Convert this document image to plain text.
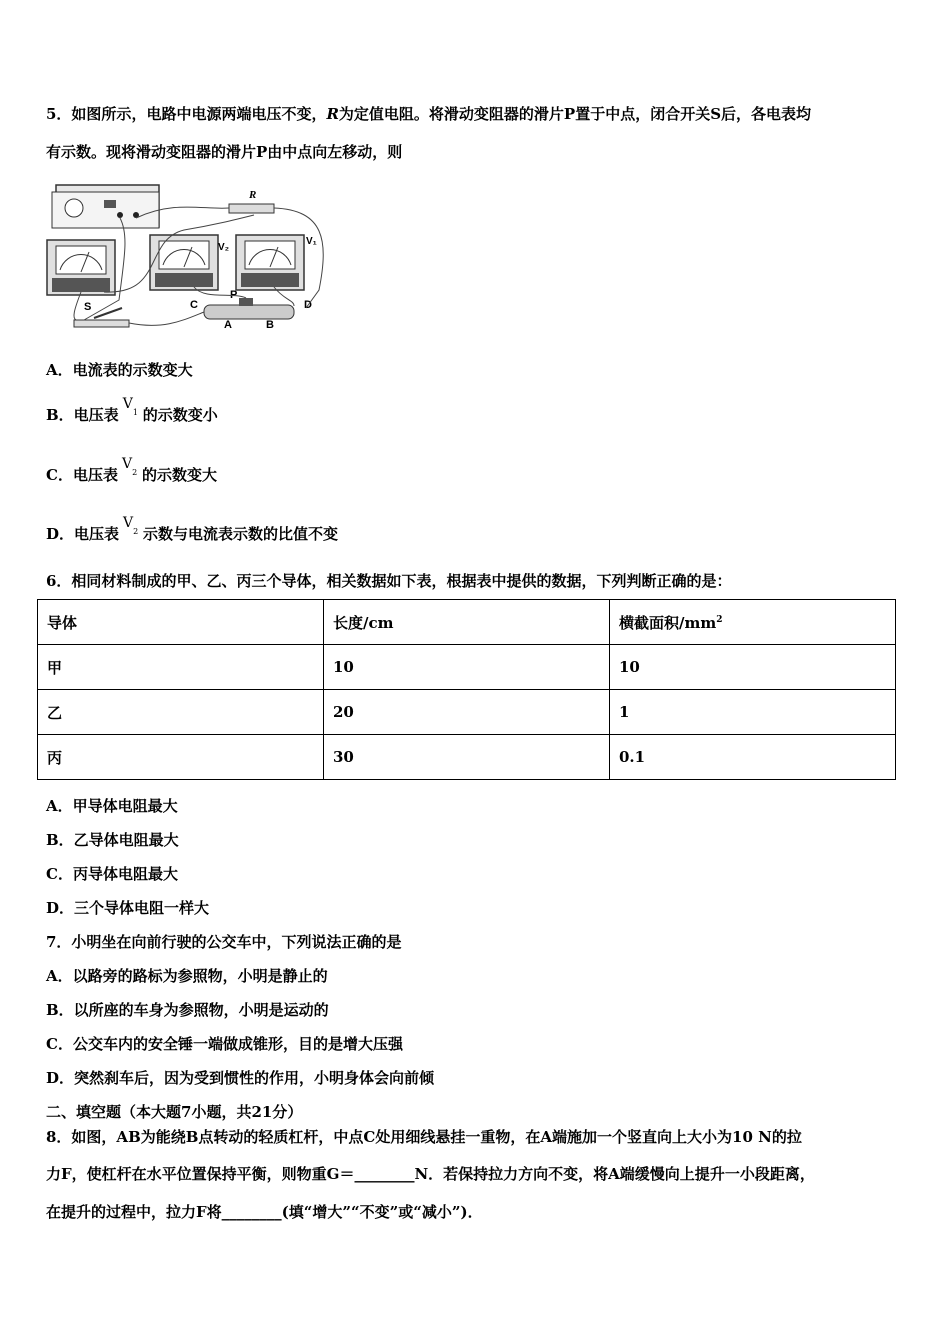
5．如图所示，电路中电源两端电压不变，R为定值电阻。将滑动变阻器的滑片P置于中点，闭合开关S后，各电表均
有示数。现将滑动变阻器的滑片P由中点向左移动，则
R
V₂
V₁
S	C
P
D
A	B
A．电流表的示数变大
B．电压表$V_1$ 的示数变小
C．电压表$V_2$ 的示数变大
D．电压表$V_2$ 示数与电流表示数的比值不变
6．相同材料制成的甲、乙、丙三个导体，相关数据如下表，根据表中提供的数据，下列判断正确的是：
导体	长度/cm	横截面积$/mm^2$
甲	10	10
乙	20	1
丙	30	0.1
A．甲导体电阻最大
B．乙导体电阻最大
C．丙导体电阻最大
D．三个导体电阻一样大
7．小明坐在向前行驶的公交车中，下列说法正确的是
A．以路旁的路标为参照物，小明是静止的
B．以所座的车身为参照物，小明是运动的
C．公交车内的安全锤一端做成锥形，目的是增大压强
D．突然刹车后，因为受到惯性的作用，小明身体会向前倾
二、填空题（本大题7小题，共21分）
8．如图，AB为能绕B点转动的轻质杠杆，中点C处用细线悬挂一重物，在A端施加一个竖直向上大小为10 N的拉
力F，使杠杆在水平位置保持平衡，则物重G＝________N．若保持拉力方向不变，将A端缓慢向上提升一小段距离，
在提升的过程中，拉力F将________(填“增大”“不变”或“减小”)．
